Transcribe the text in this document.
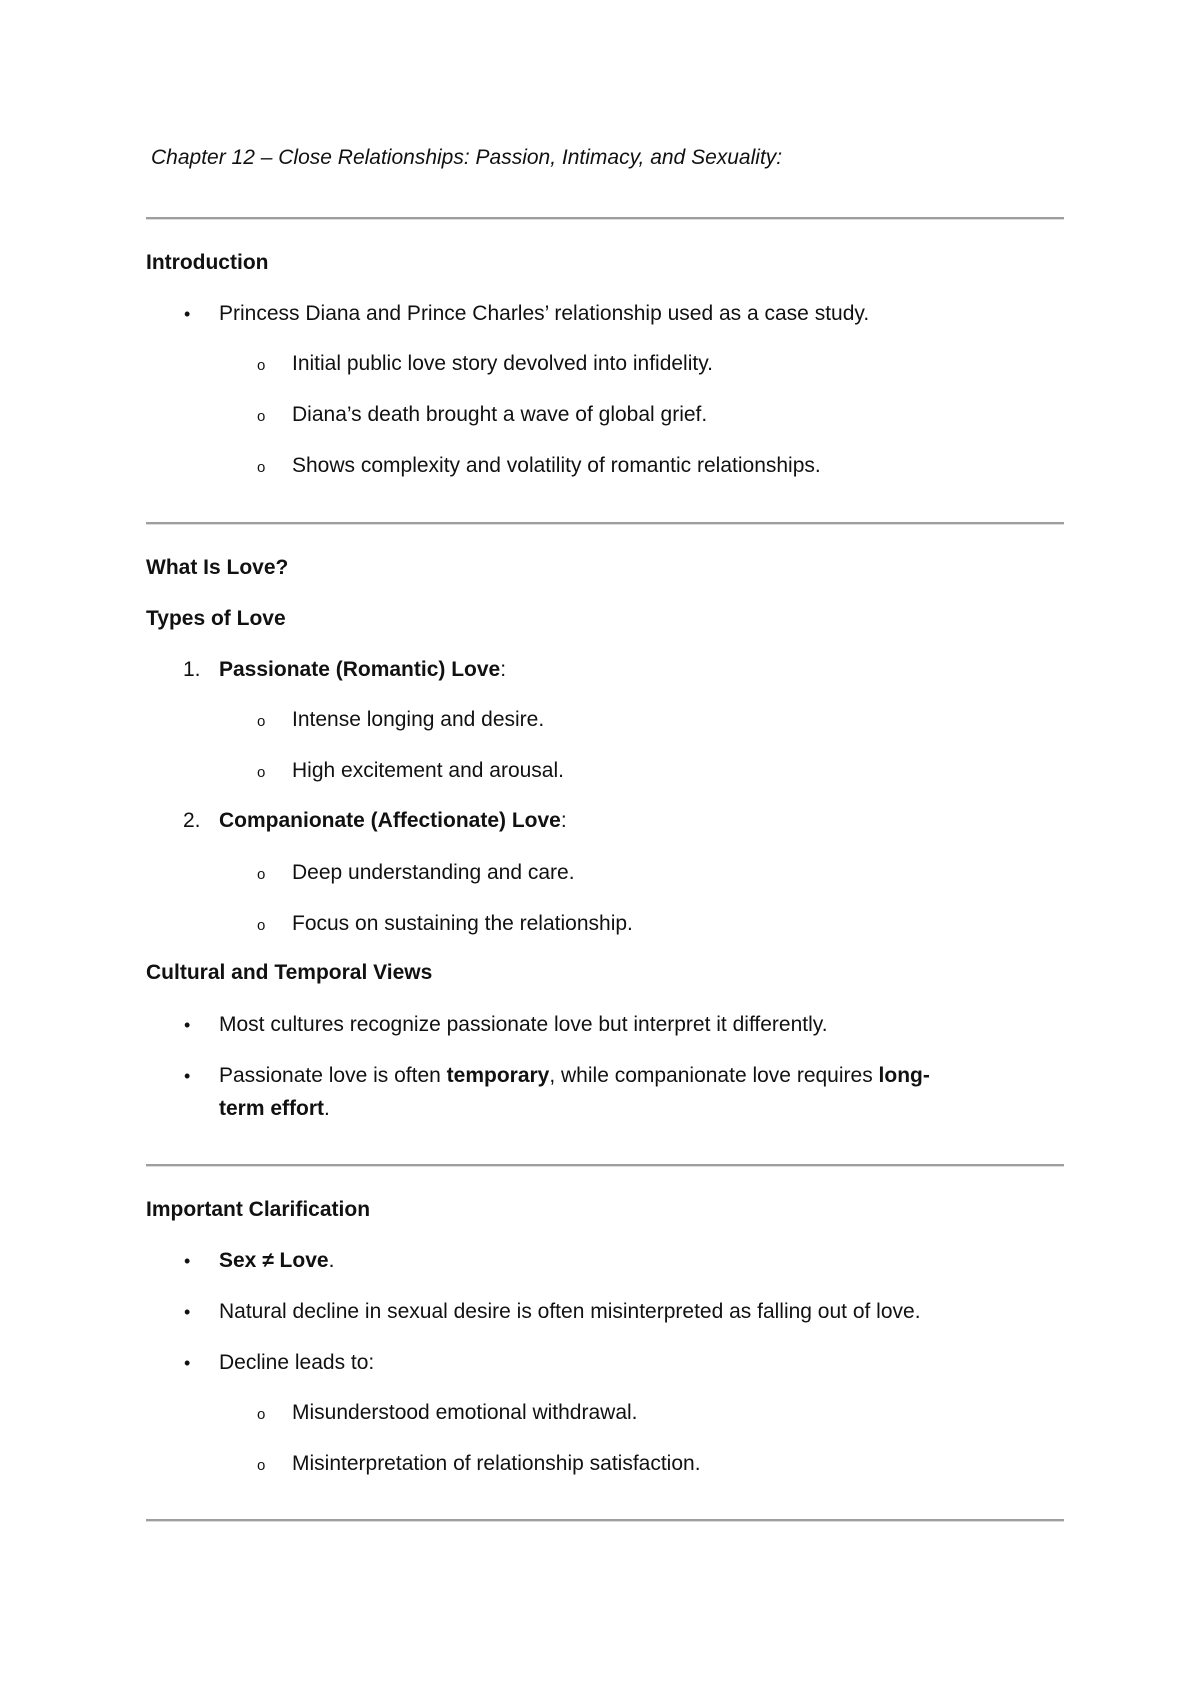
Chapter 12 – Close Relationships: Passion, Intimacy, and Sexuality:
Introduction
• Princess Diana and Prince Charles’ relationship used as a case study.
o Initial public love story devolved into infidelity.
o Diana’s death brought a wave of global grief.
o Shows complexity and volatility of romantic relationships.
What Is Love?
Types of Love
1. Passionate (Romantic) Love:
o Intense longing and desire.
o High excitement and arousal.
2. Companionate (Affectionate) Love:
o Deep understanding and care.
o Focus on sustaining the relationship.
Cultural and Temporal Views
• Most cultures recognize passionate love but interpret it differently.
• Passionate love is often temporary, while companionate love requires long-
term effort.
Important Clarification
• Sex ≠ Love.
• Natural decline in sexual desire is often misinterpreted as falling out of love.
• Decline leads to:
o Misunderstood emotional withdrawal.
o Misinterpretation of relationship satisfaction.
